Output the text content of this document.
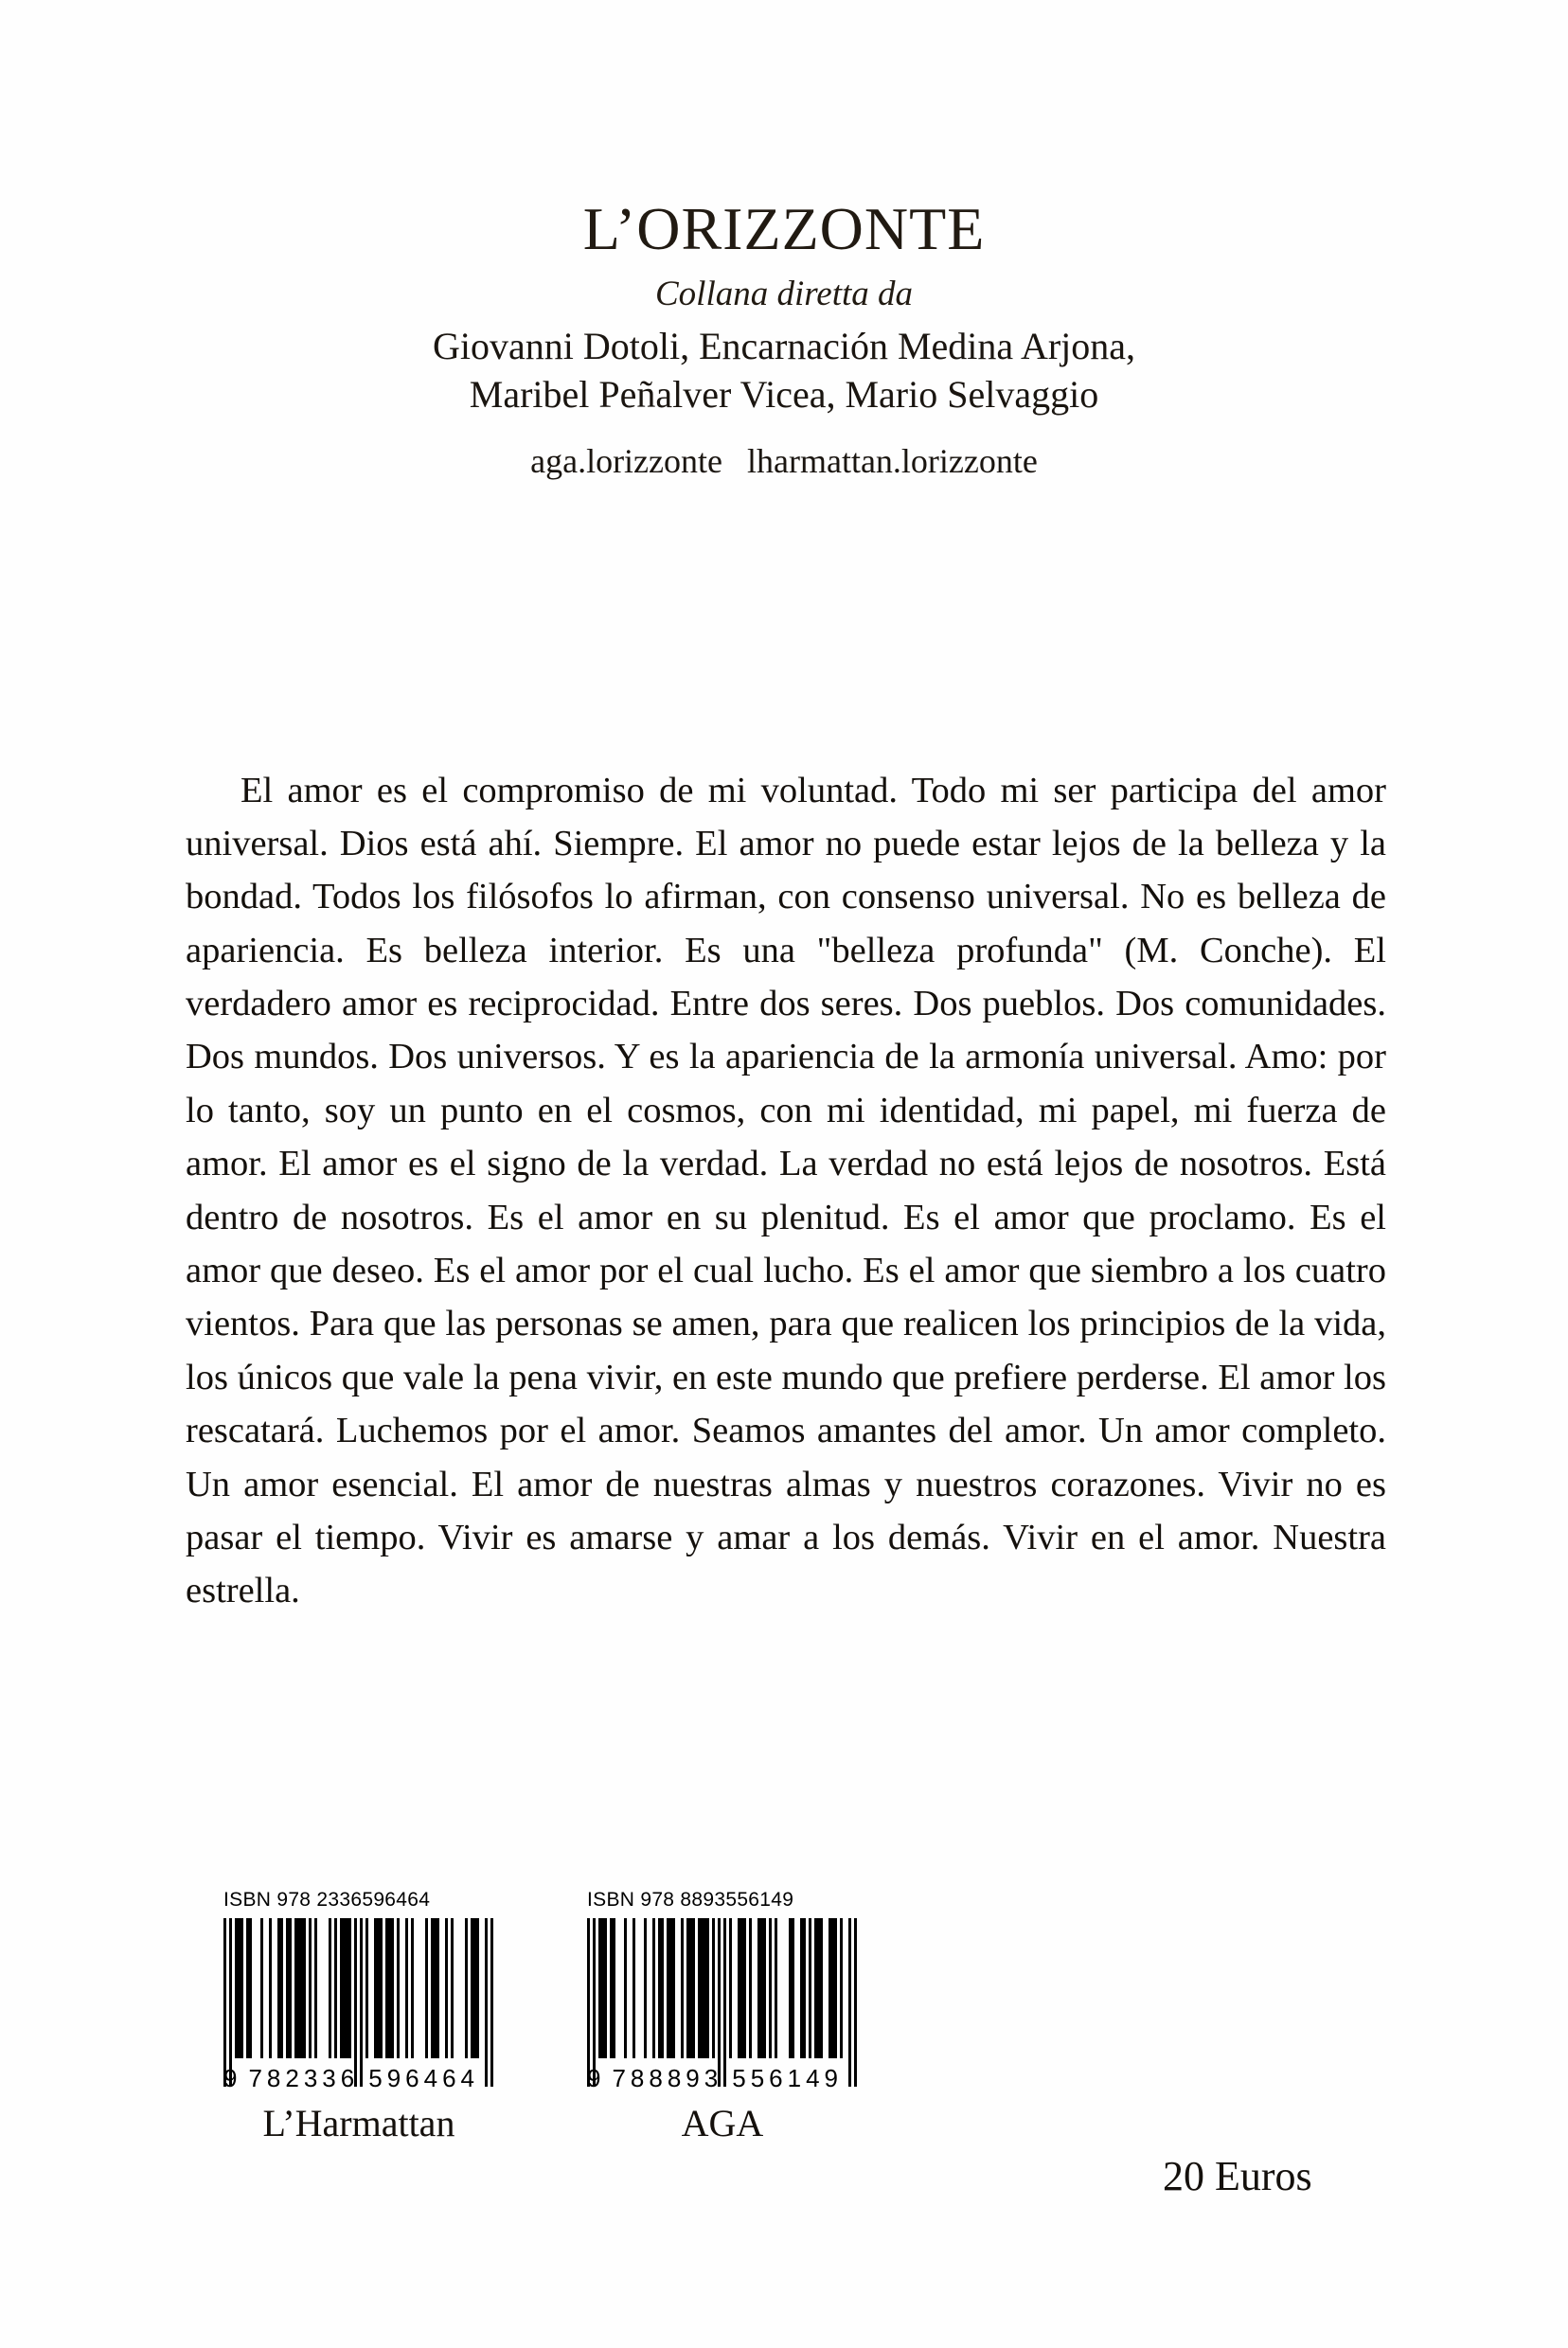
L’ORIZZONTE
Collana diretta da
Giovanni Dotoli, Encarnación Medina Arjona,
Maribel Peñalver Vicea, Mario Selvaggio
aga.lorizzonte lharmattan.lorizzonte

El amor es el compromiso de mi voluntad. Todo mi ser participa del amor universal. Dios está ahí. Siempre. El amor no puede estar lejos de la belleza y la bondad. Todos los filósofos lo afirman, con consenso universal. No es belleza de apariencia. Es belleza interior. Es una "belleza profunda" (M. Conche). El verdadero amor es reciprocidad. Entre dos seres. Dos pueblos. Dos comunidades. Dos mundos. Dos universos. Y es la apariencia de la armonía universal. Amo: por lo tanto, soy un punto en el cosmos, con mi identidad, mi papel, mi fuerza de amor. El amor es el signo de la verdad. La verdad no está lejos de nosotros. Está dentro de nosotros. Es el amor en su plenitud. Es el amor que proclamo. Es el amor que deseo. Es el amor por el cual lucho. Es el amor que siembro a los cuatro vientos. Para que las personas se amen, para que realicen los principios de la vida, los únicos que vale la pena vivir, en este mundo que prefiere perderse. El amor los rescatará. Luchemos por el amor. Seamos amantes del amor. Un amor completo. Un amor esencial. El amor de nuestras almas y nuestros corazones. Vivir no es pasar el tiempo. Vivir es amarse y amar a los demás. Vivir en el amor. Nuestra estrella.

ISBN 978 2336596464
9 782336 596464
L’Harmattan
ISBN 978 8893556149
9 788893 556149
AGA
20 Euros
